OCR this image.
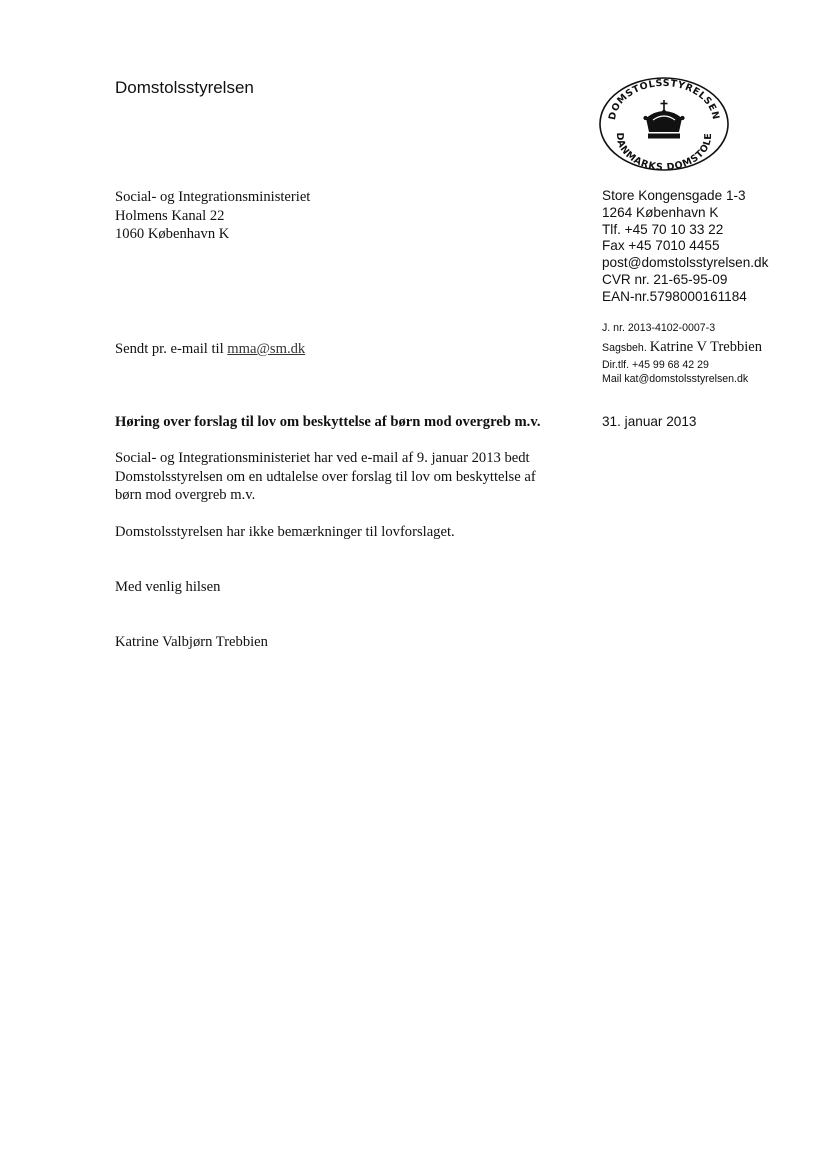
Domstolsstyrelsen
DOMSTOLSSTYRELSEN
DANMARKS DOMSTOLE
Social- og Integrationsministeriet
Holmens Kanal 22
1060 København K
Store Kongensgade 1-3
1264 København K
Tlf. +45 70 10 33 22
Fax +45 7010 4455
post@domstolsstyrelsen.dk
CVR nr. 21-65-95-09
EAN-nr.5798000161184
J. nr. 2013-4102-0007-3
Sagsbeh. Katrine V Trebbien
Dir.tlf. +45 99 68 42 29
Mail kat@domstolsstyrelsen.dk
Sendt pr. e-mail til mma@sm.dk
Høring over forslag til lov om beskyttelse af børn mod overgreb m.v.	31. januar 2013
Social- og Integrationsministeriet har ved e-mail af 9. januar 2013 bedt
Domstolsstyrelsen om en udtalelse over forslag til lov om beskyttelse af
børn mod overgreb m.v.
Domstolsstyrelsen har ikke bemærkninger til lovforslaget.
Med venlig hilsen
Katrine Valbjørn Trebbien
